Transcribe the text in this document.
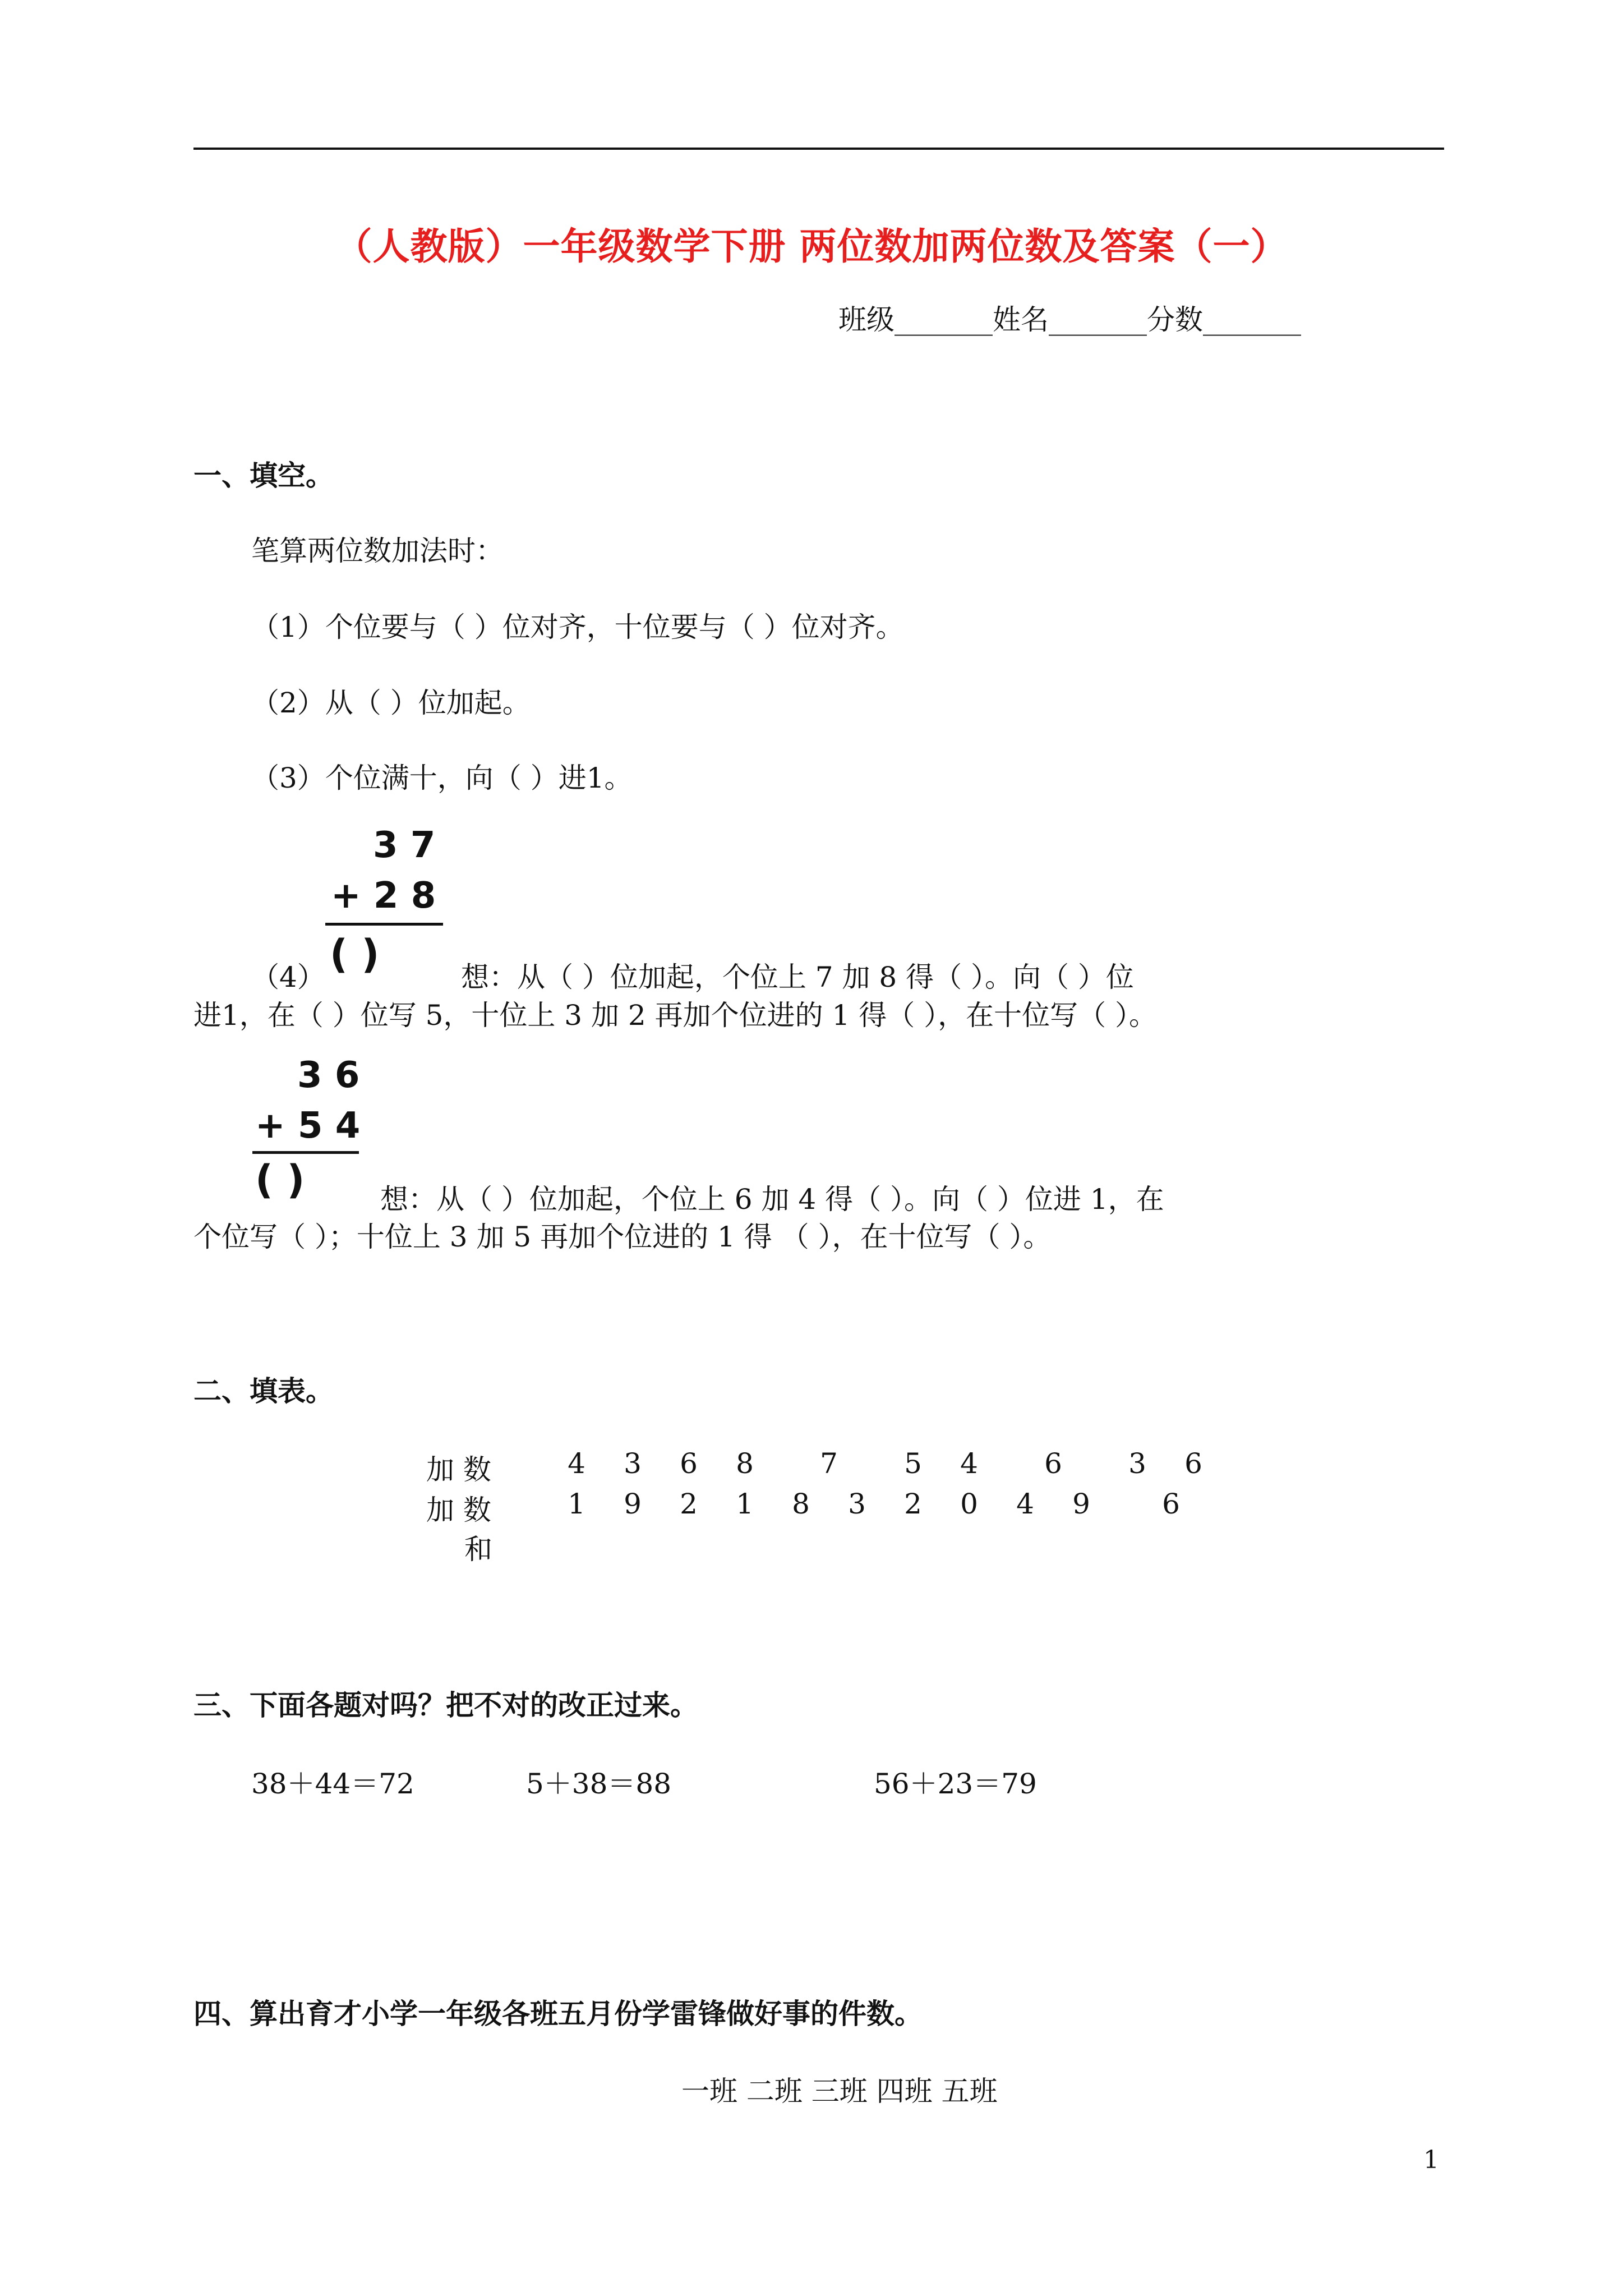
（人教版）一年级数学下册 两位数加两位数及答案（一）
班级_______姓名_______分数_______
一、填空。
笔算两位数加法时：
（1）个位要与（ ）位对齐，十位要与（ ）位对齐。
（2）从（ ）位加起。
（3）个位满十，向（ ）进1。
3 7
+ 2 8
( )
（4）	想：从（ ）位加起，个位上 7 加 8 得（ ）。向（ ）位
进1，在（ ）位写 5，十位上 3 加 2 再加个位进的 1 得（ ），在十位写（ ）。
3 6
+ 5 4
( )	想：从（ ）位加起，个位上 6 加 4 得（ ）。向（ ）位进 1，在
个位写（ ）；十位上 3 加 5 再加个位进的 1 得 （ ），在十位写（ ）。
二、填表。
加 数	4 3 6 8 7 5 4 6 3 6
加 数	1 9 2 1 8 3 2 0 4 9	6
和
三、下面各题对吗？把不对的改正过来。
38＋44＝72	5＋38＝88	56＋23＝79
四、算出育才小学一年级各班五月份学雷锋做好事的件数。
一班 二班 三班 四班 五班
1
